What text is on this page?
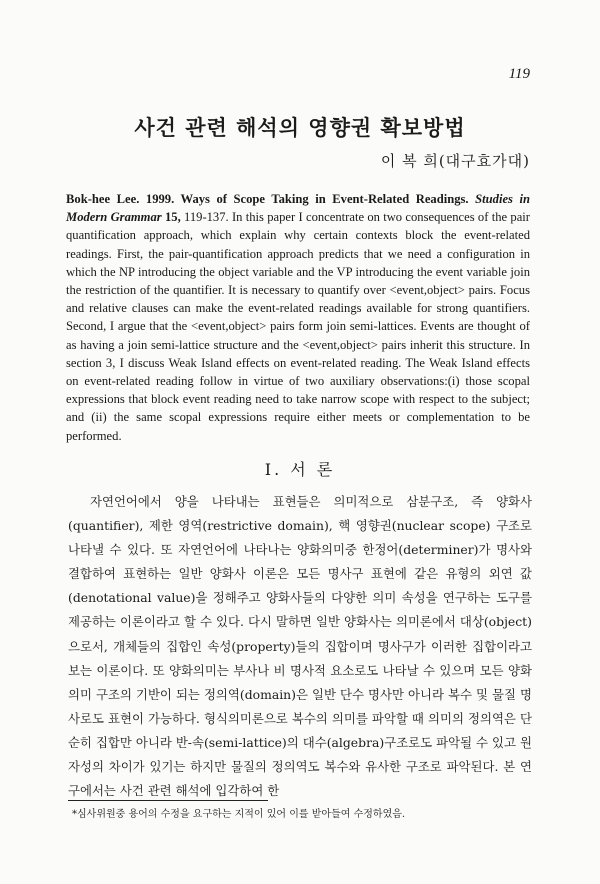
119
사건 관련 해석의 영향권 확보방법
이 복 희(대구효가대)
Bok-hee Lee. 1999. Ways of Scope Taking in Event-Related Readings. Studies in Modern Grammar 15, 119-137. In this paper I concentrate on two consequences of the pair quantification approach, which explain why certain contexts block the event-related readings. First, the pair-quantification approach predicts that we need a configuration in which the NP introducing the object variable and the VP introducing the event variable join the restriction of the quantifier. It is necessary to quantify over <event,object> pairs. Focus and relative clauses can make the event-related readings available for strong quantifiers. Second, I argue that the <event,object> pairs form join semi-lattices. Events are thought of as having a join semi-lattice structure and the <event,object> pairs inherit this structure. In section 3, I discuss Weak Island effects on event-related reading. The Weak Island effects on event-related reading follow in virtue of two auxiliary observations:(i) those scopal expressions that block event reading need to take narrow scope with respect to the subject; and (ii) the same scopal expressions require either meets or complementation to be performed.
I. 서 론

자연언어에서 양을 나타내는 표현들은 의미적으로 삼분구조, 즉 양화사(quantifier), 제한 영역(restrictive domain), 핵 영향권(nuclear scope) 구조로 나타낼 수 있다. 또 자연언어에 나타나는 양화의미중 한정어(determiner)가 명사와 결합하여 표현하는 일반 양화사 이론은 모든 명사구 표현에 같은 유형의 외연 값(denotational value)을 정해주고 양화사들의 다양한 의미 속성을 연구하는 도구를 제공하는 이론이라고 할 수 있다. 다시 말하면 일반 양화사는 의미론에서 대상(object)으로서, 개체들의 집합인 속성(property)들의 집합이며 명사구가 이러한 집합이라고 보는 이론이다. 또 양화의미는 부사나 비 명사적 요소로도 나타날 수 있으며 모든 양화의미 구조의 기반이 되는 정의역(domain)은 일반 단수 명사만 아니라 복수 및 물질 명사로도 표현이 가능하다. 형식의미론으로 복수의 의미를 파악할 때 의미의 정의역은 단순히 집합만 아니라 반-속(semi-lattice)의 대수(algebra)구조로도 파악될 수 있고 원자성의 차이가 있기는 하지만 물질의 정의역도 복수와 유사한 구조로 파악된다. 본 연구에서는 사건 관련 해석에 입각하여 한

*심사위원중 용어의 수정을 요구하는 지적이 있어 이를 받아들여 수정하였음.
